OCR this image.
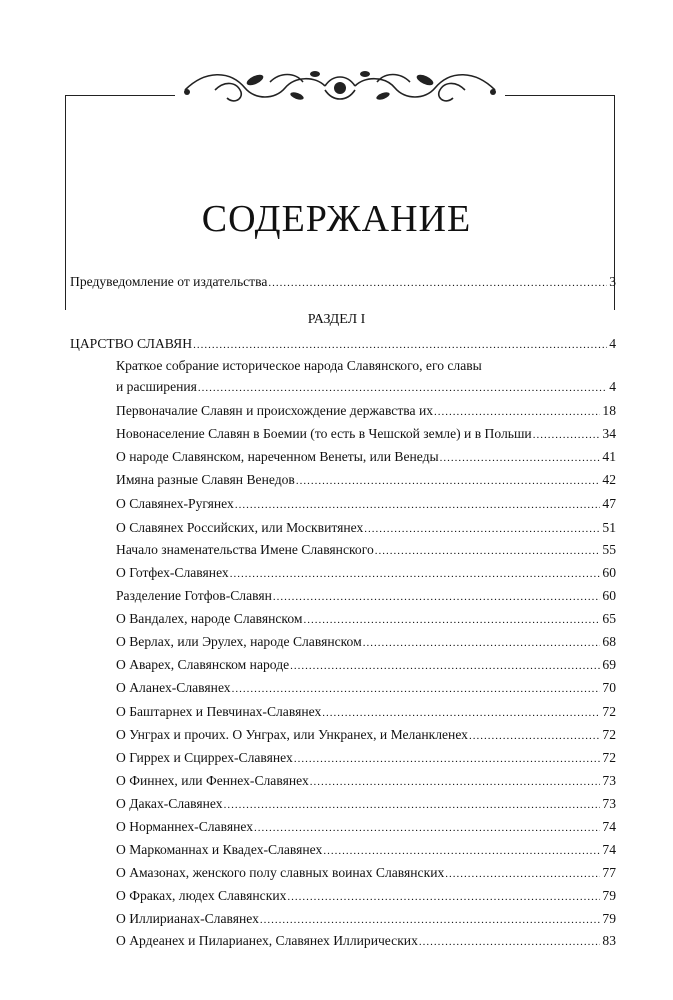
СОДЕРЖАНИЕ
Предуведомление от издательства .....	3
РАЗДЕЛ I
ЦАРСТВО СЛАВЯН .....	4
Краткое собрание историческое народа Славянского, его славы
и расширения .....	4
Первоначалие Славян и происхождение державства их .....	18
Новонаселение Славян в Боемии (то есть в Чешской земле) и в Польши .....	34
О народе Славянском, нареченном Венеты, или Венеды .....	41
Имяна разные Славян Венедов .....	42
О Славянех-Ругянех .....	47
О Славянех Российских, или Москвитянех .....	51
Начало знаменательства Имене Славянского .....	55
О Готфех-Славянех .....	60
Разделение Готфов-Славян .....	60
О Вандалех, народе Славянском .....	65
О Верлах, или Эрулех, народе Славянском .....	68
О Аварех, Славянском народе .....	69
О Аланех-Славянех .....	70
О Баштарнех и Певчинах-Славянех .....	72
О Унграх и прочих. О Унграх, или Ункранех, и Меланкленех .....	72
О Гиррех и Сциррех-Славянех .....	72
О Финнех, или Феннех-Славянех .....	73
О Даках-Славянех .....	73
О Норманнех-Славянех .....	74
О Маркоманнах и Квадех-Славянех .....	74
О Амазонах, женского полу славных воинах Славянских .....	77
О Фраках, людех Славянских .....	79
О Иллирианах-Славянех .....	79
О Ардеанех и Пиларианех, Славянех Иллирических .....	83
